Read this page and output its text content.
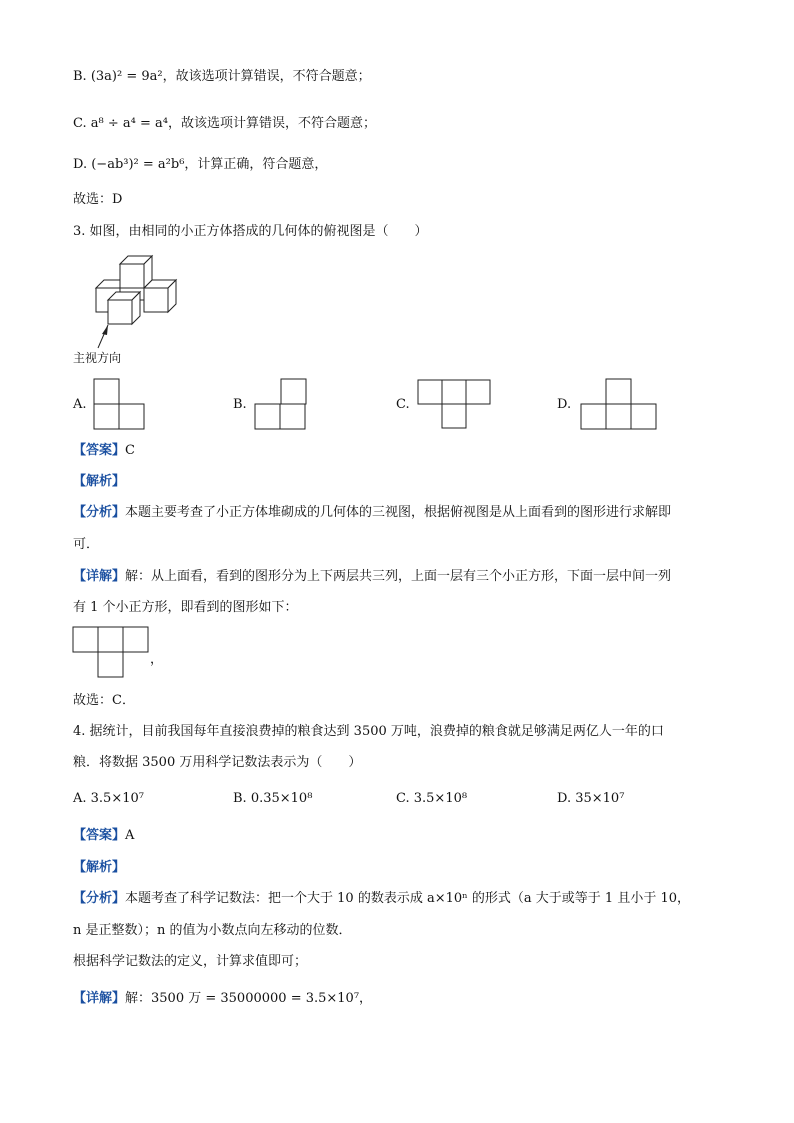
B. (3a)² = 9a²，故该选项计算错误，不符合题意；
C. a⁸ ÷ a⁴ = a⁴，故该选项计算错误，不符合题意；
D. (−ab³)² = a²b⁶，计算正确，符合题意，
故选：D
3. 如图，由相同的小正方体搭成的几何体的俯视图是（　　）
主视方向
A.	B.	C.	D.
【答案】C
【解析】
【分析】本题主要考查了小正方体堆砌成的几何体的三视图，根据俯视图是从上面看到的图形进行求解即
可．
【详解】解：从上面看，看到的图形分为上下两层共三列，上面一层有三个小正方形，下面一层中间一列
有 1 个小正方形，即看到的图形如下：
，
故选：C．
4. 据统计，目前我国每年直接浪费掉的粮食达到 3500 万吨，浪费掉的粮食就足够满足两亿人一年的口
粮．将数据 3500 万用科学记数法表示为（　　）
A. 3.5×10⁷	B. 0.35×10⁸	C. 3.5×10⁸	D. 35×10⁷
【答案】A
【解析】
【分析】本题考查了科学记数法：把一个大于 10 的数表示成 a×10ⁿ 的形式（a 大于或等于 1 且小于 10，
n 是正整数）；n 的值为小数点向左移动的位数．
根据科学记数法的定义，计算求值即可；
【详解】解：3500 万 = 35000000 = 3.5×10⁷，
